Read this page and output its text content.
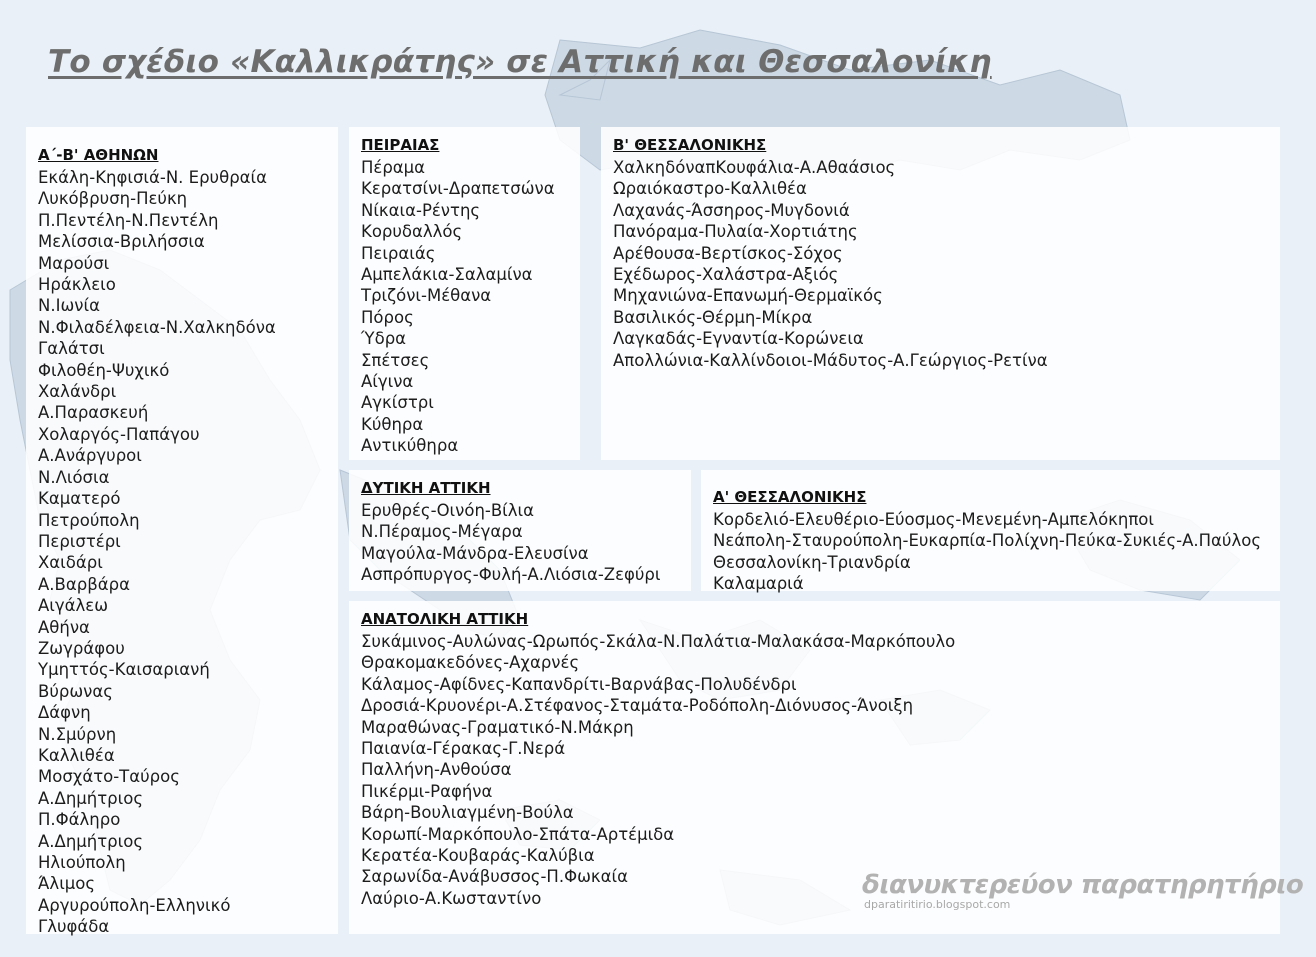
Το σχέδιο «Καλλικράτης» σε Αττική και Θεσσαλονίκη
Α΄-Β' ΑΘΗΝΩΝ
Εκάλη-Κηφισιά-Ν. Ερυθραία
Λυκόβρυση-Πεύκη
Π.Πεντέλη-Ν.Πεντέλη
Μελίσσια-Βριλήσσια
Μαρούσι
Ηράκλειο
Ν.Ιωνία
Ν.Φιλαδέλφεια-Ν.Χαλκηδόνα
Γαλάτσι
Φιλοθέη-Ψυχικό
Χαλάνδρι
Α.Παρασκευή
Χολαργός-Παπάγου
Α.Ανάργυροι
Ν.Λιόσια
Καματερό
Πετρούπολη
Περιστέρι
Χαιδάρι
Α.Βαρβάρα
Αιγάλεω
Αθήνα
Ζωγράφου
Υμηττός-Καισαριανή
Βύρωνας
Δάφνη
Ν.Σμύρνη
Καλλιθέα
Μοσχάτο-Ταύρος
Α.Δημήτριος
Π.Φάληρο
Α.Δημήτριος
Ηλιούπολη
Άλιμος
Αργυρούπολη-Ελληνικό
Γλυφάδα
ΠΕΙΡΑΙΑΣ
Πέραμα
Κερατσίνι-Δραπετσώνα
Νίκαια-Ρέντης
Κορυδαλλός
Πειραιάς
Αμπελάκια-Σαλαμίνα
Τριζόνι-Μέθανα
Πόρος
Ύδρα
Σπέτσες
Αίγινα
Αγκίστρι
Κύθηρα
Αντικύθηρα
Β' ΘΕΣΣΑΛΟΝΙΚΗΣ
ΧαλκηδόναπΚουφάλια-Α.Αθαάσιος
Ωραιόκαστρο-Καλλιθέα
Λαχανάς-Άσσηρος-Μυγδονιά
Πανόραμα-Πυλαία-Χορτιάτης
Αρέθουσα-Βερτίσκος-Σόχος
Εχέδωρος-Χαλάστρα-Αξιός
Μηχανιώνα-Επανωμή-Θερμαϊκός
Βασιλικός-Θέρμη-Μίκρα
Λαγκαδάς-Εγναντία-Κορώνεια
Απολλώνια-Καλλίνδοιοι-Μάδυτος-Α.Γεώργιος-Ρετίνα
ΔΥΤΙΚΗ ΑΤΤΙΚΗ
Ερυθρές-Οινόη-Βίλια
Ν.Πέραμος-Μέγαρα
Μαγούλα-Μάνδρα-Ελευσίνα
Ασπρόπυργος-Φυλή-Α.Λιόσια-Ζεφύρι
Α' ΘΕΣΣΑΛΟΝΙΚΗΣ
Κορδελιό-Ελευθέριο-Εύοσμος-Μενεμένη-Αμπελόκηποι
Νεάπολη-Σταυρούπολη-Ευκαρπία-Πολίχνη-Πεύκα-Συκιές-Α.Παύλος
Θεσσαλονίκη-Τριανδρία
Καλαμαριά
ΑΝΑΤΟΛΙΚΗ ΑΤΤΙΚΗ
Συκάμινος-Αυλώνας-Ωρωπός-Σκάλα-Ν.Παλάτια-Μαλακάσα-Μαρκόπουλο
Θρακομακεδόνες-Αχαρνές
Κάλαμος-Αφίδνες-Καπανδρίτι-Βαρνάβας-Πολυδένδρι
Δροσιά-Κρυονέρι-Α.Στέφανος-Σταμάτα-Ροδόπολη-Διόνυσος-Άνοιξη
Μαραθώνας-Γραματικό-Ν.Μάκρη
Παιανία-Γέρακας-Γ.Νερά
Παλλήνη-Ανθούσα
Πικέρμι-Ραφήνα
Βάρη-Βουλιαγμένη-Βούλα
Κορωπί-Μαρκόπουλο-Σπάτα-Αρτέμιδα
Κερατέα-Κουβαράς-Καλύβια
Σαρωνίδα-Ανάβυσσος-Π.Φωκαία
Λαύριο-Α.Κωσταντίνο	διανυκτερεύον παρατηρητήριο
dparatiritirio.blogspot.com
